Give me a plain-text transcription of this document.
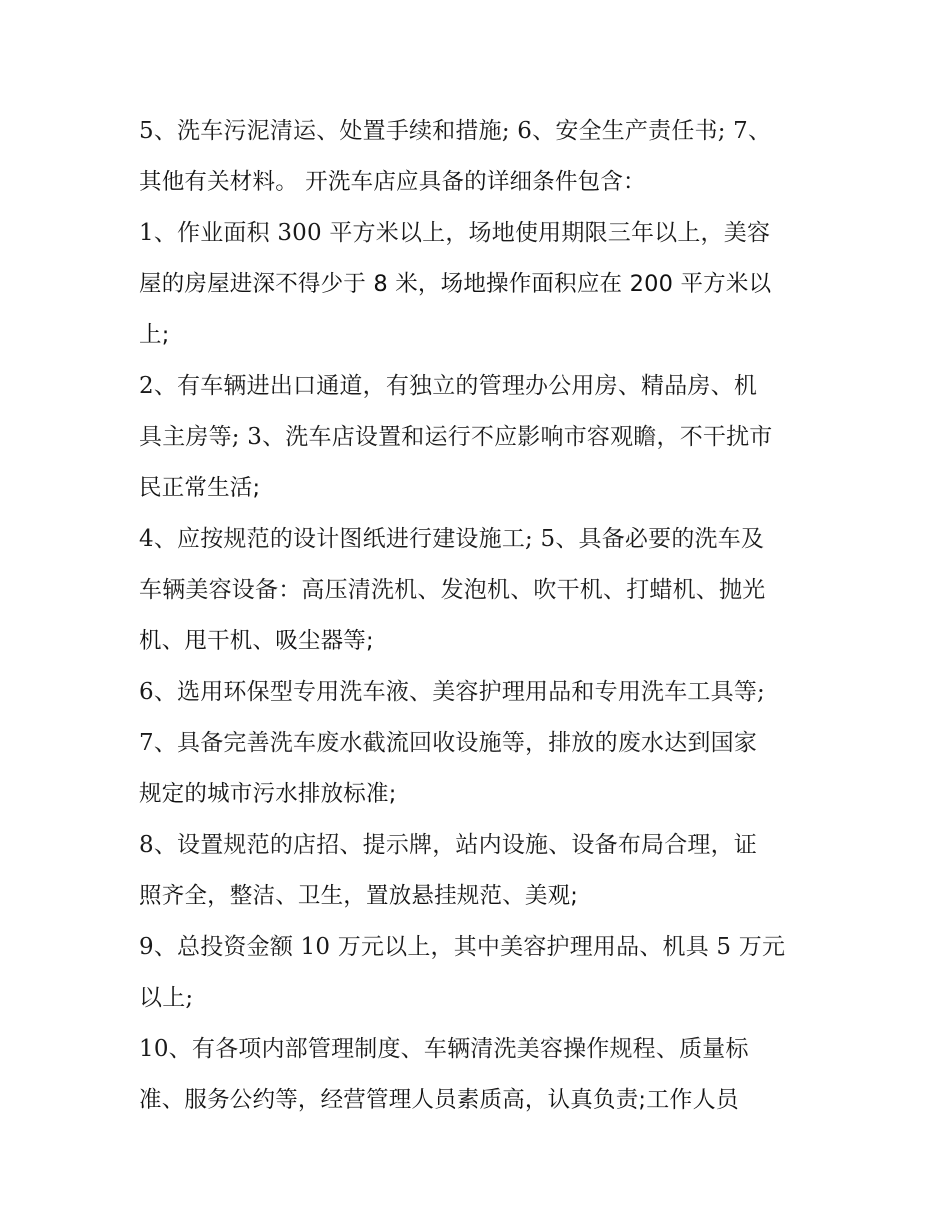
5、洗车污泥清运、处置手续和措施; 6、安全生产责任书; 7、
其他有关材料。 开洗车店应具备的详细条件包含：
1、作业面积 300 平方米以上，场地使用期限三年以上，美容
屋的房屋进深不得少于 8 米，场地操作面积应在 200 平方米以
上;
2、有车辆进出口通道，有独立的管理办公用房、精品房、机
具主房等; 3、洗车店设置和运行不应影响市容观瞻，不干扰市
民正常生活;
4、应按规范的设计图纸进行建设施工; 5、具备必要的洗车及
车辆美容设备：高压清洗机、发泡机、吹干机、打蜡机、抛光
机、甩干机、吸尘器等;
6、选用环保型专用洗车液、美容护理用品和专用洗车工具等;
7、具备完善洗车废水截流回收设施等，排放的废水达到国家
规定的城市污水排放标准;
8、设置规范的店招、提示牌，站内设施、设备布局合理，证
照齐全，整洁、卫生，置放悬挂规范、美观;
9、总投资金额 10 万元以上，其中美容护理用品、机具 5 万元
以上;
10、有各项内部管理制度、车辆清洗美容操作规程、质量标
准、服务公约等，经营管理人员素质高，认真负责;工作人员
